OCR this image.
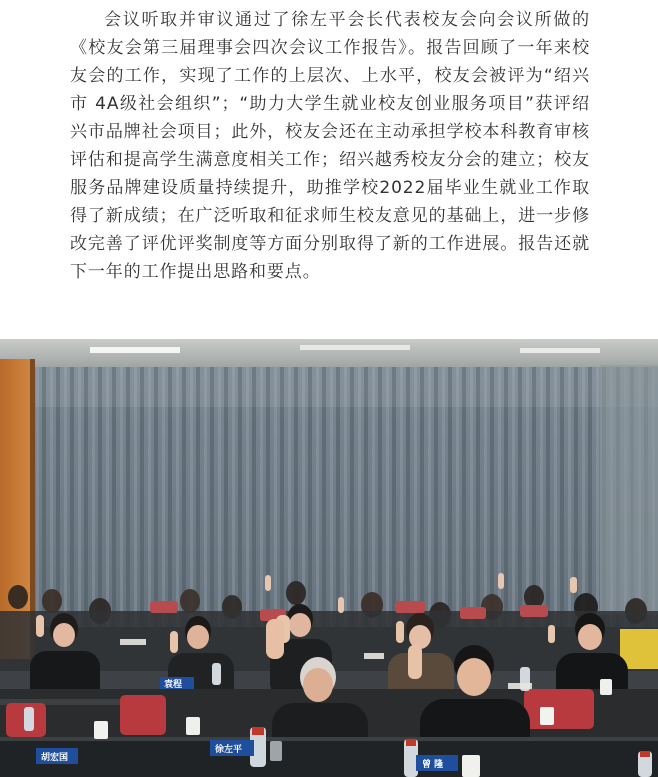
会议听取并审议通过了徐左平会长代表校友会向会议所做的《校友会第三届理事会四次会议工作报告》。报告回顾了一年来校友会的工作，实现了工作的上层次、上水平，校友会被评为“绍兴市 4A级社会组织”；“助力大学生就业校友创业服务项目”获评绍兴市品牌社会项目；此外，校友会还在主动承担学校本科教育审核评估和提高学生满意度相关工作；绍兴越秀校友分会的建立；校友服务品牌建设质量持续提升，助推学校2022届毕业生就业工作取得了新成绩；在广泛听取和征求师生校友意见的基础上，进一步修改完善了评优评奖制度等方面分别取得了新的工作进展。报告还就下一年的工作提出思路和要点。

胡宏国
徐左平
曾 隆
袁程
